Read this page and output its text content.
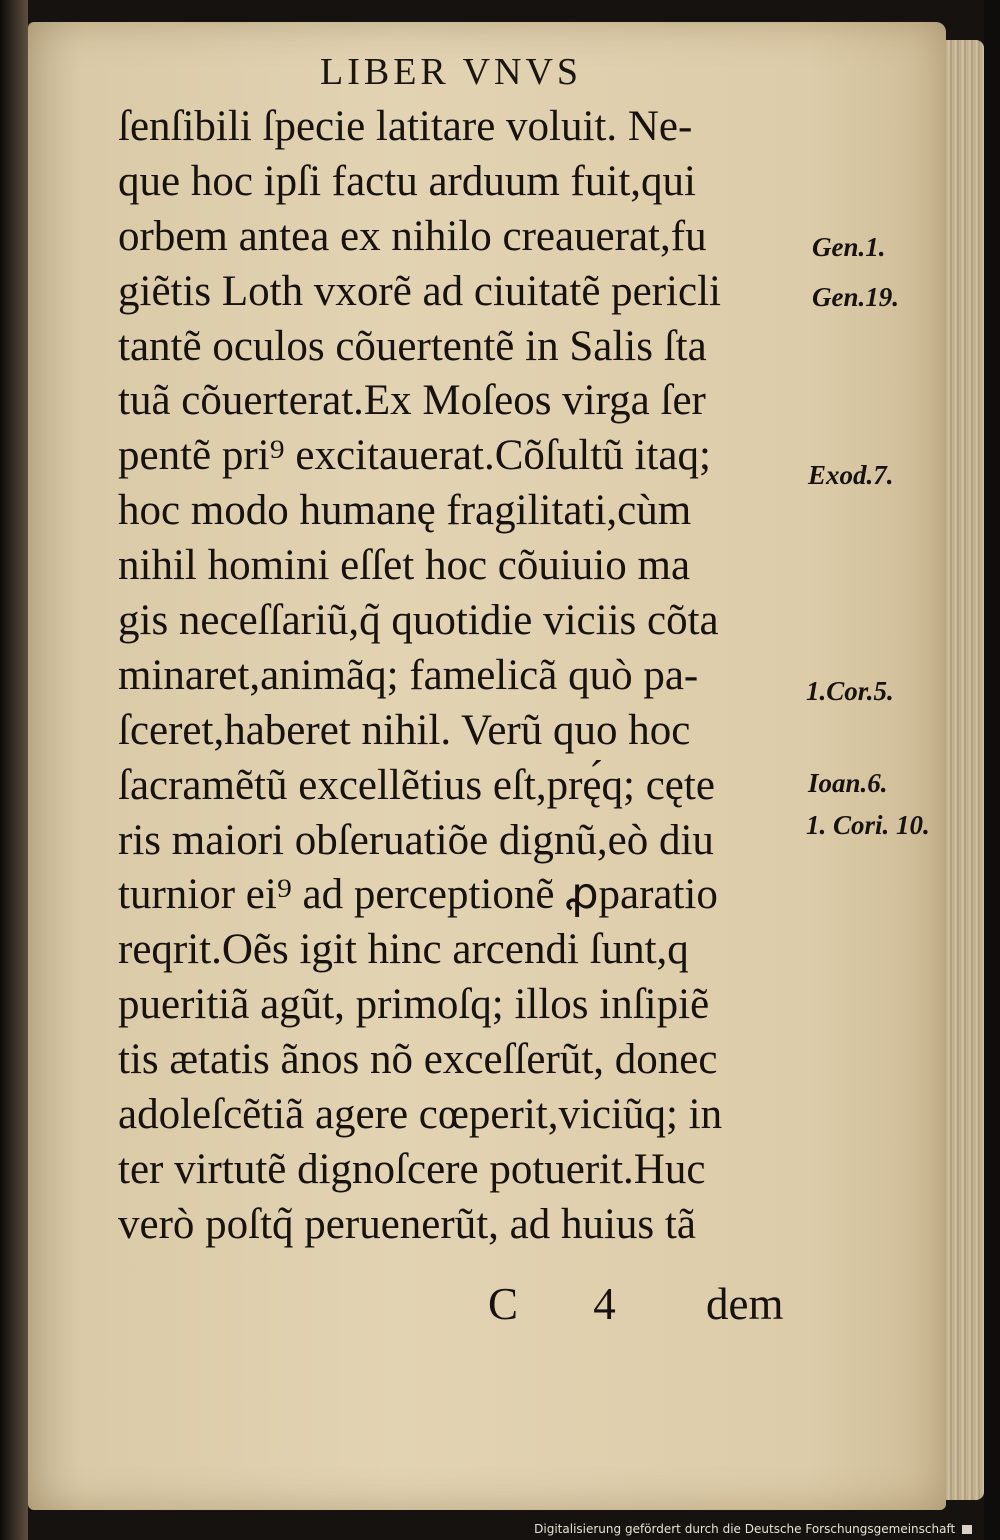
LIBER VNVS
ſenſibili ſpecie latitare voluit. Ne-
que hoc ipſi factu arduum fuit,qui
orbem antea ex nihilo creauerat,fu
giẽtis Loth vxorẽ ad ciuitatẽ pericli
tantẽ oculos cõuertentẽ in Salis ſta
tuã cõuerterat.Ex Moſeos virga ſer
pentẽ pri⁹ excitauerat.Cõſultũ itaq;
hoc modo humanę fragilitati,cùm
nihil homini eſſet hoc cõuiuio ma
gis neceſſariũ,q̃ quotidie viciis cõta
minaret,animãq; famelicã quò pa-
ſceret,haberet nihil. Verũ quo hoc
ſacramẽtũ excellẽtius eſt,prę́q; cęte
ris maiori obſeruatiõe dignũ,eò diu
turnior ei⁹ ad perceptionẽ ꝓparatio
reqrit.Oẽs igit hinc arcendi ſunt,q
pueritiã agũt, primoſq; illos inſipiẽ
tis ætatis ãnos nõ exceſſerũt, donec
adoleſcẽtiã agere cœperit,viciũq; in
ter virtutẽ dignoſcere potuerit.Huc
verò poſtq̃ peruenerũt, ad huius tã
Gen.1.
Gen.19.
Exod.7.
1.Cor.5.
Ioan.6.
1. Cori. 10.
C 4 dem
Digitalisierung gefördert durch die Deutsche Forschungsgemeinschaft
